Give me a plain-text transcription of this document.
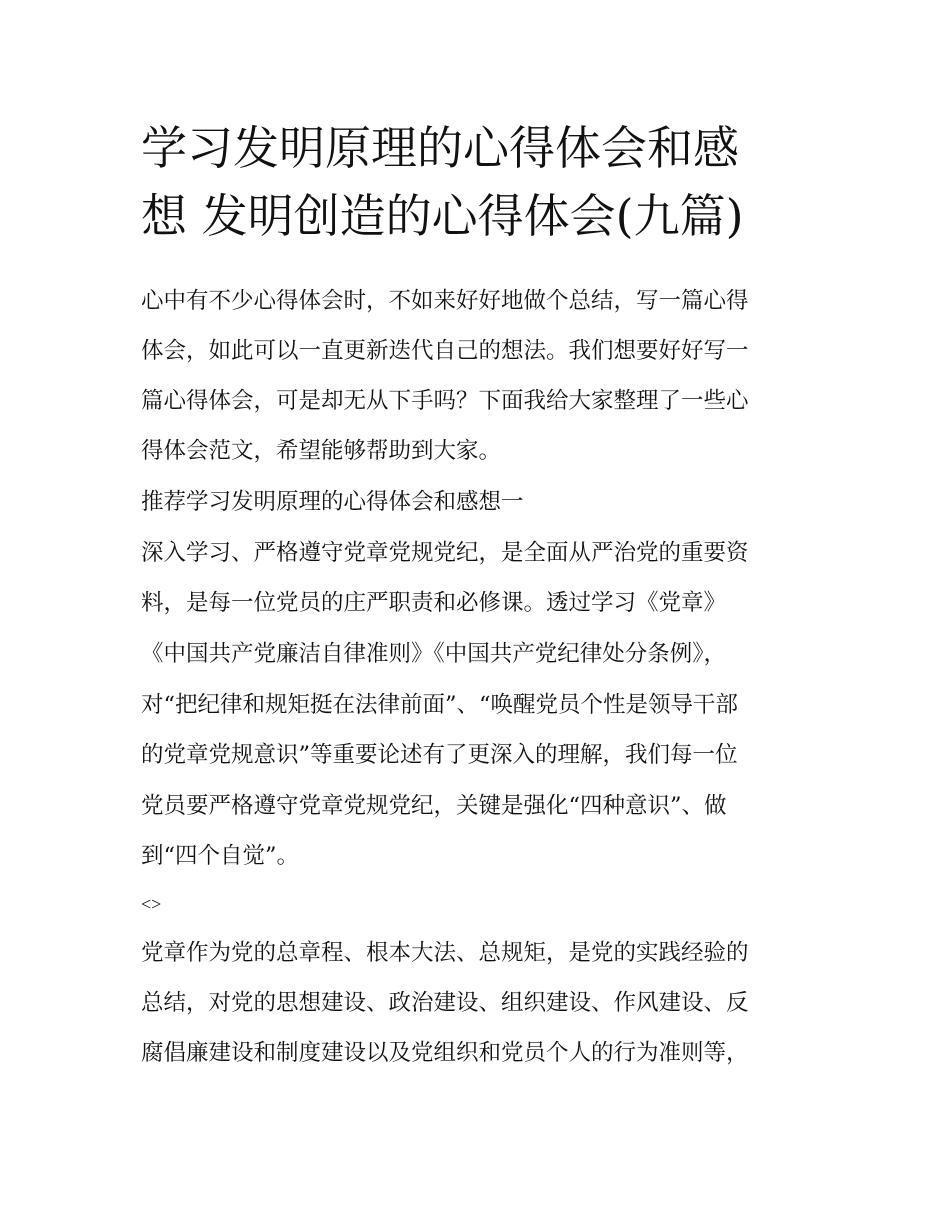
学习发明原理的心得体会和感
想 发明创造的心得体会(九篇)

心中有不少心得体会时，不如来好好地做个总结，写一篇心得

体会，如此可以一直更新迭代自己的想法。我们想要好好写一

篇心得体会，可是却无从下手吗？下面我给大家整理了一些心

得体会范文，希望能够帮助到大家。

推荐学习发明原理的心得体会和感想一

深入学习、严格遵守党章党规党纪，是全面从严治党的重要资

料，是每一位党员的庄严职责和必修课。透过学习《党章》

《中国共产党廉洁自律准则》《中国共产党纪律处分条例》，

对“把纪律和规矩挺在法律前面”、“唤醒党员个性是领导干部

的党章党规意识”等重要论述有了更深入的理解，我们每一位

党员要严格遵守党章党规党纪，关键是强化“四种意识”、做

到“四个自觉”。

<>

党章作为党的总章程、根本大法、总规矩，是党的实践经验的

总结，对党的思想建设、政治建设、组织建设、作风建设、反

腐倡廉建设和制度建设以及党组织和党员个人的行为准则等，
